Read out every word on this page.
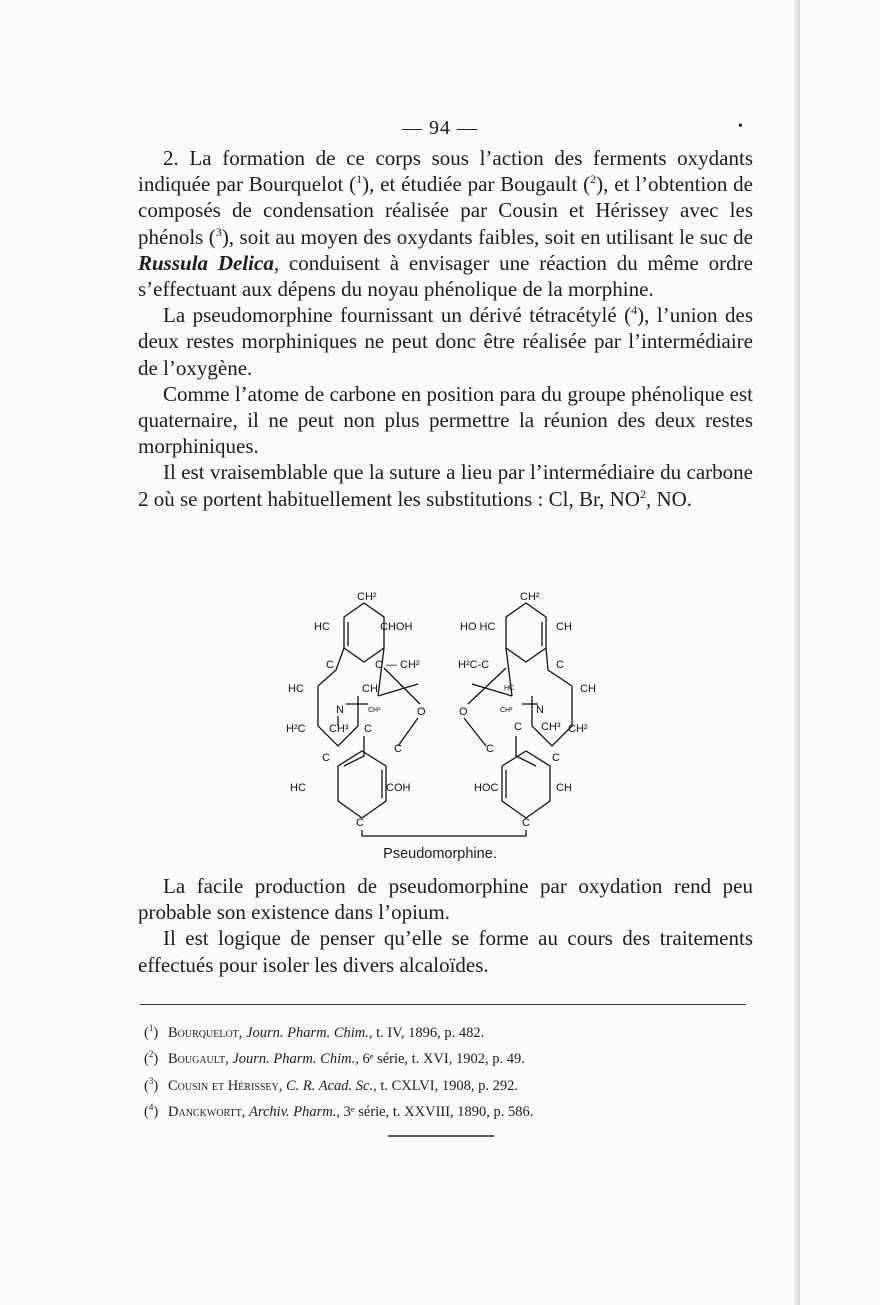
— 94 —	•

2. La formation de ce corps sous l’action des ferments oxydants indiquée par Bourquelot ($^1$), et étudiée par Bougault ($^2$), et l’obtention de composés de condensation réalisée par Cousin et Hérissey avec les phénols ($^3$), soit au moyen des oxydants faibles, soit en utilisant le suc de Russula Delica, conduisent à envisager une réaction du même ordre s’effectuant aux dépens du noyau phénolique de la morphine.

La pseudomorphine fournissant un dérivé tétracétylé ($^4$), l’union des deux restes morphiniques ne peut donc être réalisée par l’intermédiaire de l’oxygène.

Comme l’atome de carbone en position para du groupe phénolique est quaternaire, il ne peut non plus permettre la réunion des deux restes morphiniques.

Il est vraisemblable que la suture a lieu par l’intermédiaire du carbone 2 où se portent habituellement les substitutions : Cl, Br, $NO^2$, NO.

CH²
HC	CHOH
C	C — CH²
HC	CH
N	CH²	O
H²C CH³ C
C
C
HC	COH
C
CH²
HO HC	CH
H²C-C	C
HC	CH
O	CH² N
C CH³ CH²
C
C
HOC	CH
C
Pseudomorphine.

La facile production de pseudomorphine par oxydation rend peu probable son existence dans l’opium.

Il est logique de penser qu’elle se forme au cours des traitements effectués pour isoler les divers alcaloïdes.

($^1$) Bourquelot, Journ. Pharm. Chim., t. IV, 1896, p. 482.
($^2$) Bougault, Journ. Pharm. Chim., 6ᵉ série, t. XVI, 1902, p. 49.
($^3$) Cousin et Hérissey, C. R. Acad. Sc., t. CXLVI, 1908, p. 292.
($^4$) Danckwortt, Archiv. Pharm., 3ᵉ série, t. XXVIII, 1890, p. 586.
